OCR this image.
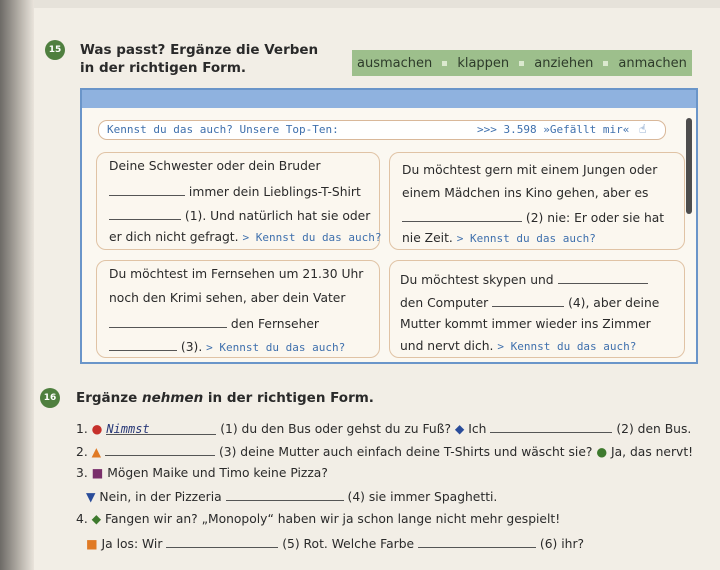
15 Was passt? Ergänze die Verben
in der richtigen Form.	ausmachen klappen anziehen anmachen
Kennst du das auch? Unsere Top-Ten:	>>> 3.598 »Gefällt mir« ☝
Deine Schwester oder dein Bruder
immer dein Lieblings-T-Shirt
(1). Und natürlich hat sie oder
er dich nicht gefragt. > Kennst du das auch?
Du möchtest gern mit einem Jungen oder
einem Mädchen ins Kino gehen, aber es
(2) nie: Er oder sie hat
nie Zeit. > Kennst du das auch?
Du möchtest im Fernsehen um 21.30 Uhr
noch den Krimi sehen, aber dein Vater
den Fernseher
(3). > Kennst du das auch?
Du möchtest skypen und
den Computer	(4), aber deine
Mutter kommt immer wieder ins Zimmer
und nervt dich. > Kennst du das auch?
16 Ergänze nehmen in der richtigen Form.
1. ● Nimmst	(1) du den Bus oder gehst du zu Fuß? ◆ Ich	(2) den Bus.
2. ▲	(3) deine Mutter auch einfach deine T-Shirts und wäscht sie? ● Ja, das nervt!
3. ■ Mögen Maike und Timo keine Pizza?
▼ Nein, in der Pizzeria	(4) sie immer Spaghetti.
4. ◆ Fangen wir an? „Monopoly“ haben wir ja schon lange nicht mehr gespielt!
■ Ja los: Wir	(5) Rot. Welche Farbe	(6) ihr?
